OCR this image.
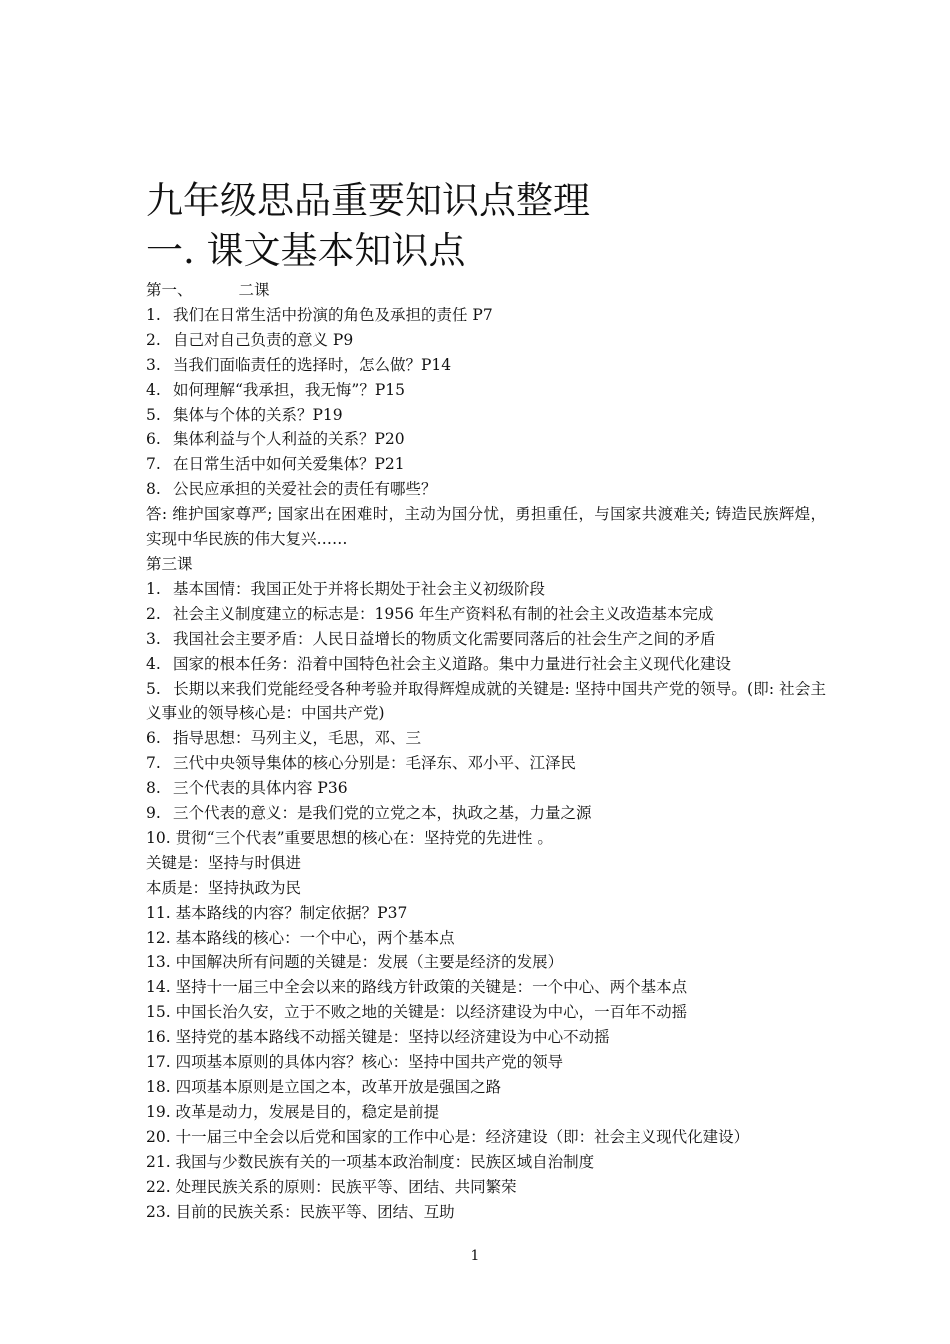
九年级思品重要知识点整理
一. 课文基本知识点
第一、	二课
1. 我们在日常生活中扮演的角色及承担的责任 P7
2. 自己对自己负责的意义 P9
3. 当我们面临责任的选择时，怎么做？P14
4. 如何理解“我承担，我无悔”？P15
5. 集体与个体的关系？P19
6. 集体利益与个人利益的关系？P20
7. 在日常生活中如何关爱集体？P21
8. 公民应承担的关爱社会的责任有哪些？
答: 维护国家尊严; 国家出在困难时，主动为国分忧，勇担重任，与国家共渡难关; 铸造民族辉煌，实现中华民族的伟大复兴……
第三课
1. 基本国情：我国正处于并将长期处于社会主义初级阶段
2. 社会主义制度建立的标志是：1956 年生产资料私有制的社会主义改造基本完成
3. 我国社会主要矛盾：人民日益增长的物质文化需要同落后的社会生产之间的矛盾
4. 国家的根本任务：沿着中国特色社会主义道路。集中力量进行社会主义现代化建设
5. 长期以来我们党能经受各种考验并取得辉煌成就的关键是: 坚持中国共产党的领导。(即: 社会主义事业的领导核心是：中国共产党)
6. 指导思想：马列主义，毛思，邓、三
7. 三代中央领导集体的核心分别是：毛泽东、邓小平、江泽民
8. 三个代表的具体内容 P36
9. 三个代表的意义：是我们党的立党之本，执政之基，力量之源
10. 贯彻“三个代表”重要思想的核心在：坚持党的先进性 。
关键是：坚持与时俱进
本质是：坚持执政为民
11. 基本路线的内容？制定依据？P37
12. 基本路线的核心：一个中心，两个基本点
13. 中国解决所有问题的关键是：发展（主要是经济的发展）
14. 坚持十一届三中全会以来的路线方针政策的关键是：一个中心、两个基本点
15. 中国长治久安，立于不败之地的关键是：以经济建设为中心，一百年不动摇
16. 坚持党的基本路线不动摇关键是：坚持以经济建设为中心不动摇
17. 四项基本原则的具体内容？核心：坚持中国共产党的领导
18. 四项基本原则是立国之本，改革开放是强国之路
19. 改革是动力，发展是目的，稳定是前提
20. 十一届三中全会以后党和国家的工作中心是：经济建设（即：社会主义现代化建设）
21. 我国与少数民族有关的一项基本政治制度：民族区域自治制度
22. 处理民族关系的原则：民族平等、团结、共同繁荣
23. 目前的民族关系：民族平等、团结、互助
1
